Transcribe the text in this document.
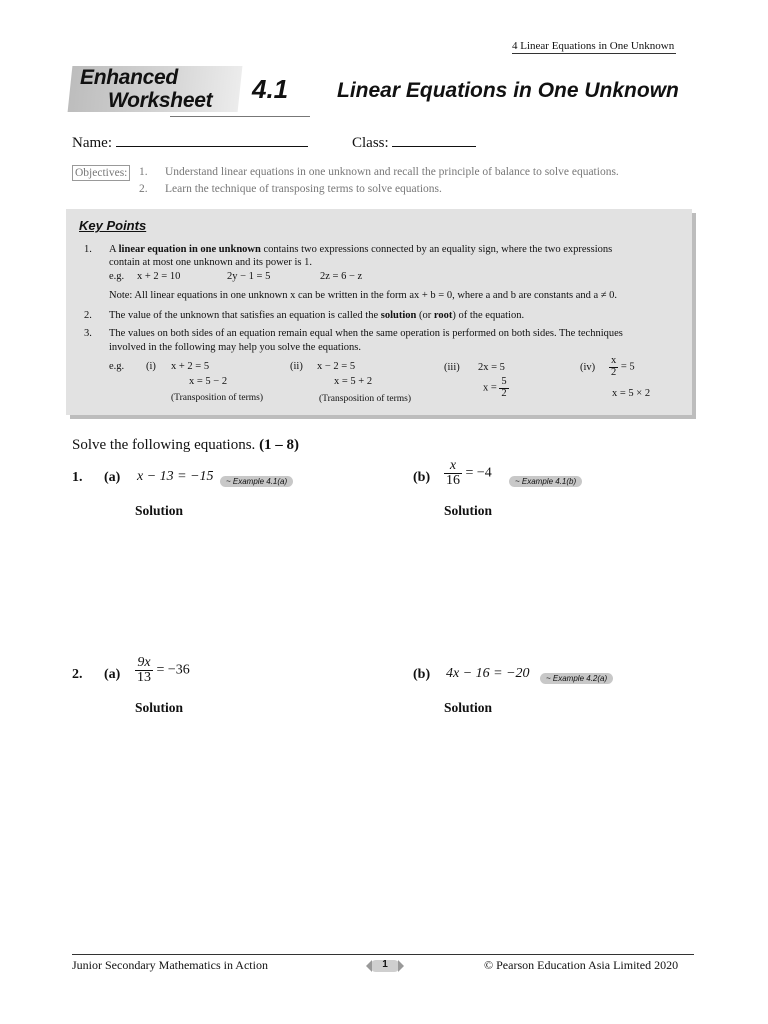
4 Linear Equations in One Unknown
Enhanced
Worksheet 4.1 Linear Equations in One Unknown
Name:	Class:
Objectives: 1. Understand linear equations in one unknown and recall the principle of balance to solve equations.
2. Learn the technique of transposing terms to solve equations.
Key Points
1. A linear equation in one unknown contains two expressions connected by an equality sign, where the two expressions
contain at most one unknown and its power is 1.
e.g. x + 2 = 10	2y − 1 = 5	2z = 6 − z
Note: All linear equations in one unknown x can be written in the form ax + b = 0, where a and b are constants and a ≠ 0.
2. The value of the unknown that satisfies an equation is called the solution (or root) of the equation.
3. The values on both sides of an equation remain equal when the same operation is performed on both sides. The techniques
involved in the following may help you solve the equations.
e.g. (i) x + 2 = 5
x = 5 − 2
(Transposition of terms)
(ii) x − 2 = 5
x = 5 + 2
(Transposition of terms)
(iii) 2x = 5
$x = \frac{5}{2}$
$(iv) \frac{x}{2} = 5$
x = 5 × 2
Solve the following equations. (1 – 8)
1. (a) x − 13 = −15	~ Example 4.1(a)
Solution
$(b) \frac{x}{16} = -4$
~ Example 4.1(b)
Solution
2. $(a) \frac{9x}{13} = -36$
Solution
(b) 4x − 16 = −20	~ Example 4.2(a)
Solution
Junior Secondary Mathematics in Action	1	© Pearson Education Asia Limited 2020
